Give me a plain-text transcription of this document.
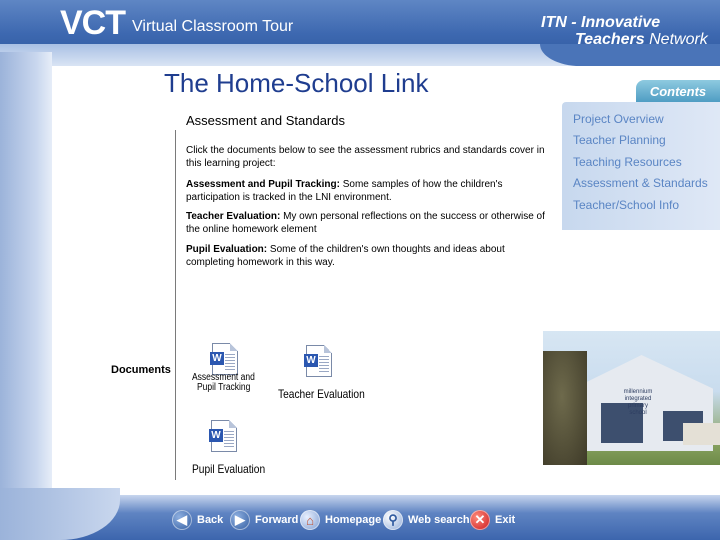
VCT Virtual Classroom Tour	ITN - Innovative
Teachers Network
The Home-School Link	Contents
Project Overview
Teacher Planning
Teaching Resources
Assessment & Standards
Teacher/School Info
Assessment and Standards
Click the documents below to see the assessment rubrics and standards cover in this learning project:
Assessment and Pupil Tracking: Some samples of how the children's participation is tracked in the LNI environment.
Teacher Evaluation: My own personal reflections on the success or otherwise of the online homework element
Pupil Evaluation: Some of the children's own thoughts and ideas about completing homework in this way.
Documents
W
Assessment and
Pupil Tracking
W
Teacher Evaluation
W
Pupil Evaluation
millennium
integrated
primary
school
◀ Back ▶ Forward ⌂	Homepage ⚲ Web search ✕ Exit
